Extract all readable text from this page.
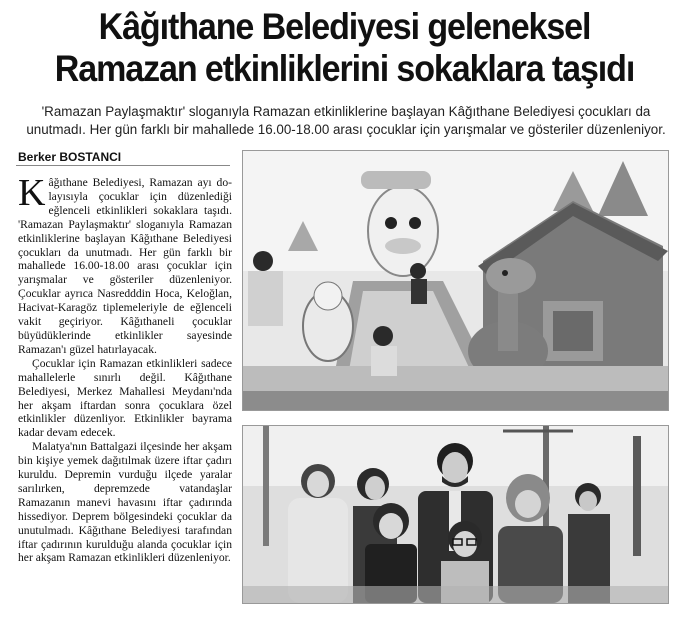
Kâğıthane Belediyesi geleneksel
Ramazan etkinliklerini sokaklara taşıdı
'Ramazan Paylaşmaktır' sloganıyla Ramazan etkinliklerine başlayan Kâğıthane Belediyesi çocukları da unutmadı. Her gün farklı bir mahallede 16.00-18.00 arası çocuklar için yarışmalar ve gösteriler düzenleniyor.
Berker BOSTANCI

Kâğıthane Belediyesi, Ramazan ayı do-layısıyla çocuklar için düzenlediği eğlenceli etkinlikleri sokaklara taşıdı. 'Ramazan Paylaşmaktır' sloganıyla Ramazan etkinliklerine başlayan Kâğıthane Belediyesi çocukları da unutmadı. Her gün farklı bir mahallede 16.00-18.00 arası çocuklar için yarışmalar ve gösteriler düzenleniyor. Çocuklar ayrıca Nasredddin Hoca, Keloğlan, Hacivat-Karagöz tiplemeleriyle de eğlenceli vakit geçiriyor. Kâğıthaneli çocuklar büyüdüklerinde etkinlikler sayesinde Ramazan'ı güzel hatırlayacak.

Çocuklar için Ramazan etkinlikleri sadece mahallelerle sınırlı değil. Kâğıthane Belediyesi, Merkez Mahallesi Meydanı'nda her akşam iftardan sonra çocuklara özel etkinlikler düzenliyor. Etkinlikler bayrama kadar devam edecek.

Malatya'nın Battalgazi ilçesinde her akşam bin kişiye yemek dağıtılmak üzere iftar çadırı kuruldu. Depremin vurduğu ilçede yaralar sarılırken, depremzede vatandaşlar Ramazanın manevi havasını iftar çadırında hissediyor. Deprem bölgesindeki çocuklar da unutulmadı. Kâğıthane Belediyesi tarafından iftar çadırının kurulduğu alanda çocuklar için her akşam Ramazan etkinlikleri düzenleniyor.
